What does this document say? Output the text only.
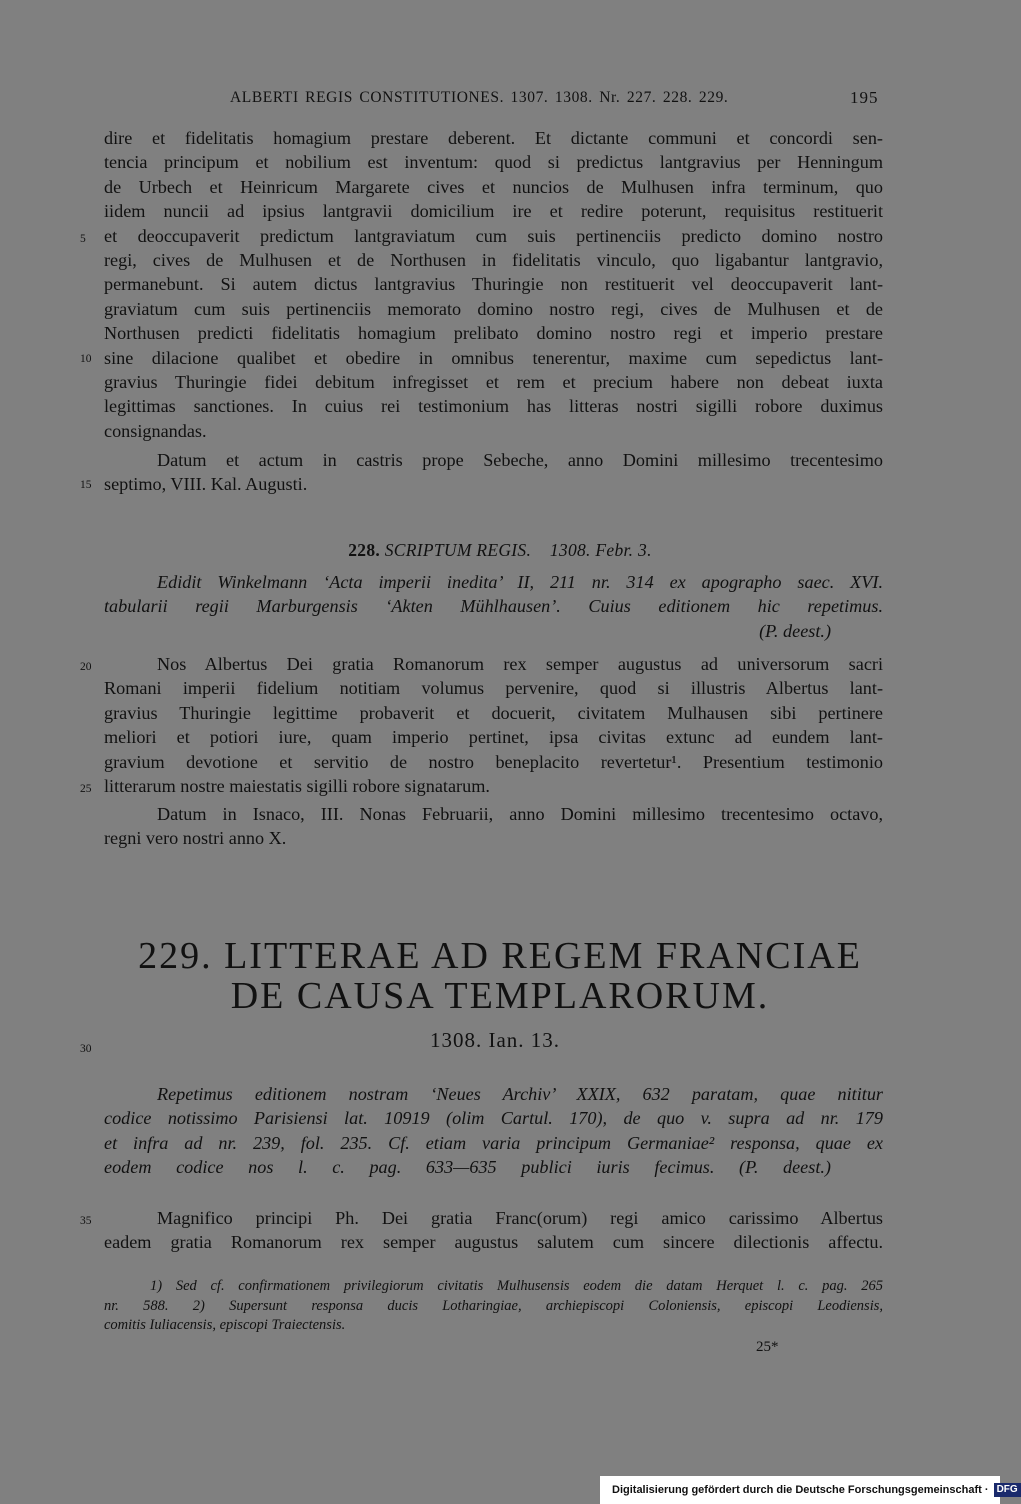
ALBERTI REGIS CONSTITUTIONES. 1307. 1308. Nr. 227. 228. 229.	195
dire et fidelitatis homagium prestare deberent. Et dictante communi et concordi sen-
tencia principum et nobilium est inventum: quod si predictus lantgravius per Henningum
de Urbech et Heinricum Margarete cives et nuncios de Mulhusen infra terminum, quo
iidem nuncii ad ipsius lantgravii domicilium ire et redire poterunt, requisitus restituerit
et deoccupaverit predictum lantgraviatum cum suis pertinenciis predicto domino nostro
regi, cives de Mulhusen et de Northusen in fidelitatis vinculo, quo ligabantur lantgravio,
permanebunt. Si autem dictus lantgravius Thuringie non restituerit vel deoccupaverit lant-
graviatum cum suis pertinenciis memorato domino nostro regi, cives de Mulhusen et de
Northusen predicti fidelitatis homagium prelibato domino nostro regi et imperio prestare
sine dilacione qualibet et obedire in omnibus tenerentur, maxime cum sepedictus lant-
gravius Thuringie fidei debitum infregisset et rem et precium habere non debeat iuxta
legittimas sanctiones. In cuius rei testimonium has litteras nostri sigilli robore duximus
consignandas.
Datum et actum in castris prope Sebeche, anno Domini millesimo trecentesimo
septimo, VIII. Kal. Augusti.
5
10
15
20
25
30
35
228. SCRIPTUM REGIS. 1308. Febr. 3.
Edidit Winkelmann ‘Acta imperii inedita’ II, 211 nr. 314 ex apographo saec. XVI.
tabularii regii Marburgensis ‘Akten Mühlhausen’. Cuius editionem hic repetimus.
(P. deest.)
Nos Albertus Dei gratia Romanorum rex semper augustus ad universorum sacri
Romani imperii fidelium notitiam volumus pervenire, quod si illustris Albertus lant-
gravius Thuringie legittime probaverit et docuerit, civitatem Mulhausen sibi pertinere
meliori et potiori iure, quam imperio pertinet, ipsa civitas extunc ad eundem lant-
gravium devotione et servitio de nostro beneplacito revertetur¹. Presentium testimonio
litterarum nostre maiestatis sigilli robore signatarum.
Datum in Isnaco, III. Nonas Februarii, anno Domini millesimo trecentesimo octavo,
regni vero nostri anno X.
229. LITTERAE AD REGEM FRANCIAE
DE CAUSA TEMPLARORUM.
1308. Ian. 13.
Repetimus editionem nostram ‘Neues Archiv’ XXIX, 632 paratam, quae nititur
codice notissimo Parisiensi lat. 10919 (olim Cartul. 170), de quo v. supra ad nr. 179
et infra ad nr. 239, fol. 235. Cf. etiam varia principum Germaniae² responsa, quae ex
eodem codice nos l. c. pag. 633—635 publici iuris fecimus. (P. deest.)
Magnifico principi Ph. Dei gratia Franc(orum) regi amico carissimo Albertus
eadem gratia Romanorum rex semper augustus salutem cum sincere dilectionis affectu.
1) Sed cf. confirmationem privilegiorum civitatis Mulhusensis eodem die datam Herquet l. c. pag. 265
nr. 588. 2) Supersunt responsa ducis Lotharingiae, archiepiscopi Coloniensis, episcopi Leodiensis,
comitis Iuliacensis, episcopi Traiectensis.
25*
Digitalisierung gefördert durch die Deutsche Forschungsgemeinschaft · DFG
